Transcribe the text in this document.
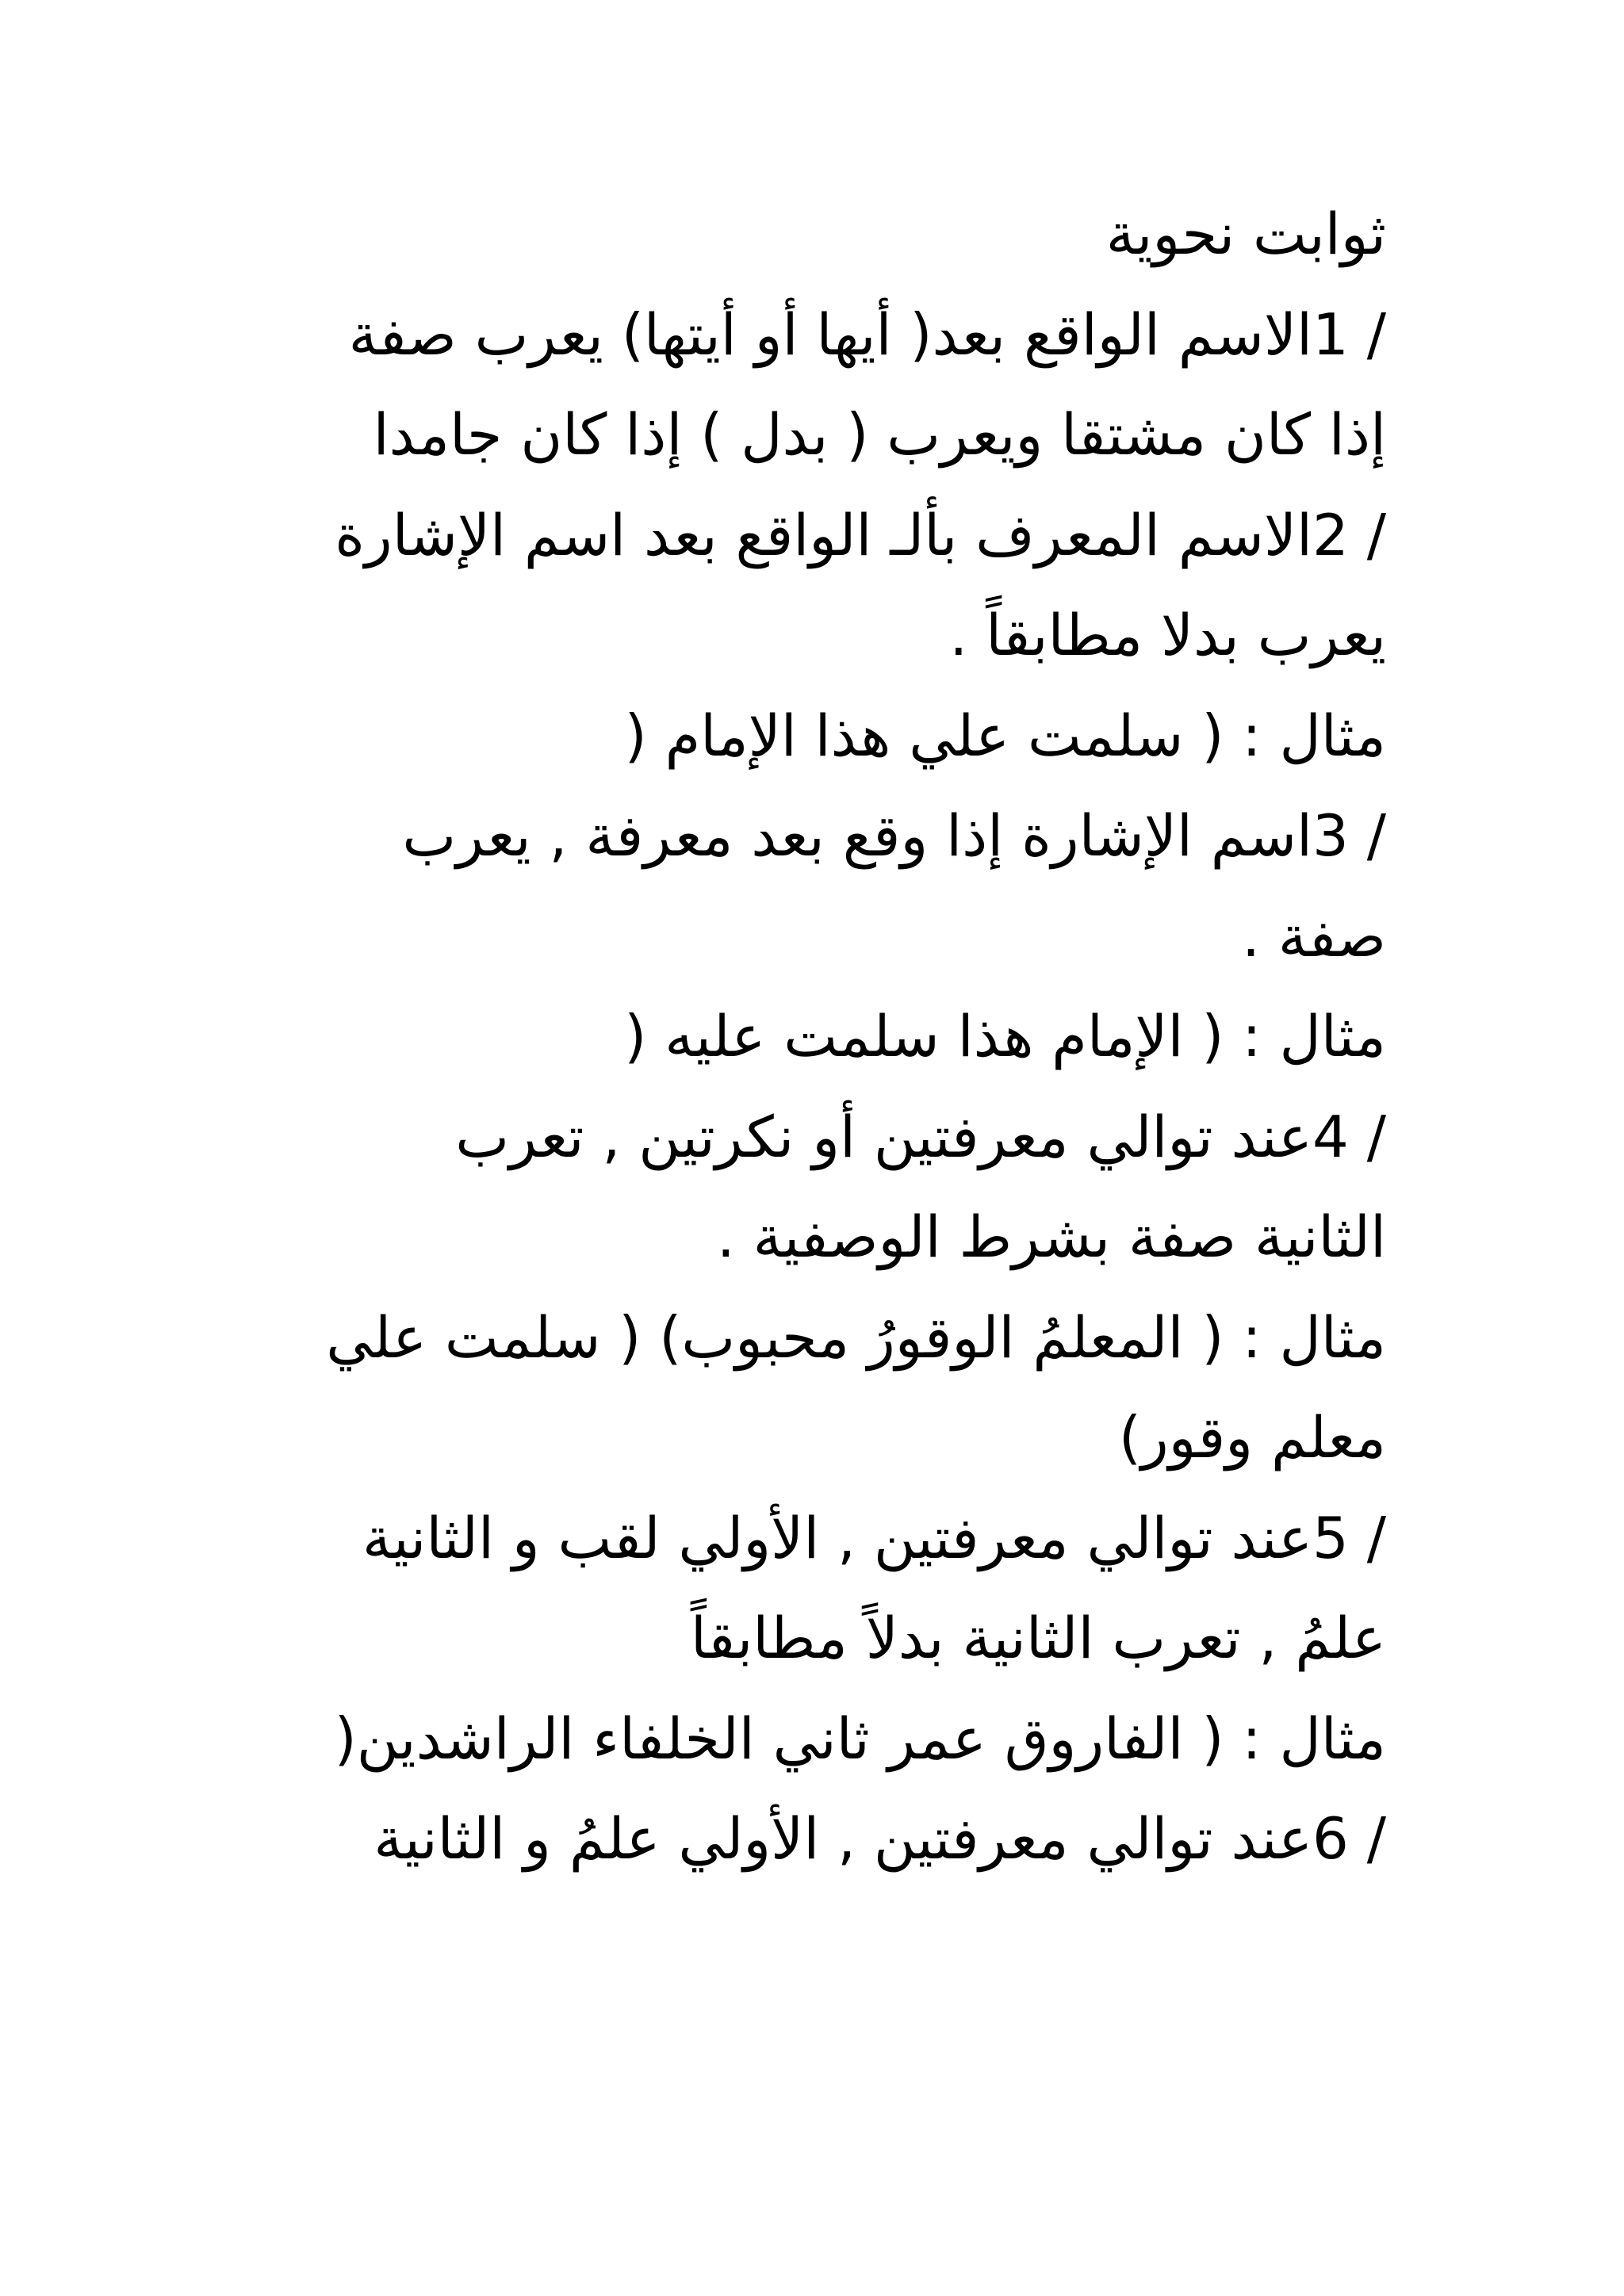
ثوابت نحوية
/ 1الاسم الواقع بعد( أيها أو أيتها) يعرب صفة
إذا كان مشتقا ويعرب ( بدل ) إذا كان جامدا
/ 2الاسم المعرف بألـ الواقع بعد اسم الإشارة
يعرب بدلا مطابقاً .
مثال : ( سلمت علي هذا الإمام (
/ 3اسم الإشارة إذا وقع بعد معرفة , يعرب
صفة .
مثال : ( الإمام هذا سلمت عليه (
/ 4عند توالي معرفتين أو نكرتين , تعرب
الثانية صفة بشرط الوصفية .
مثال : ( المعلمُ الوقورُ محبوب) ( سلمت علي
معلم وقور)
/ 5عند توالي معرفتين , الأولي لقب و الثانية
علمُ , تعرب الثانية بدلاً مطابقاً
مثال : ( الفاروق عمر ثاني الخلفاء الراشدين(
/ 6عند توالي معرفتين , الأولي علمُ و الثانية
